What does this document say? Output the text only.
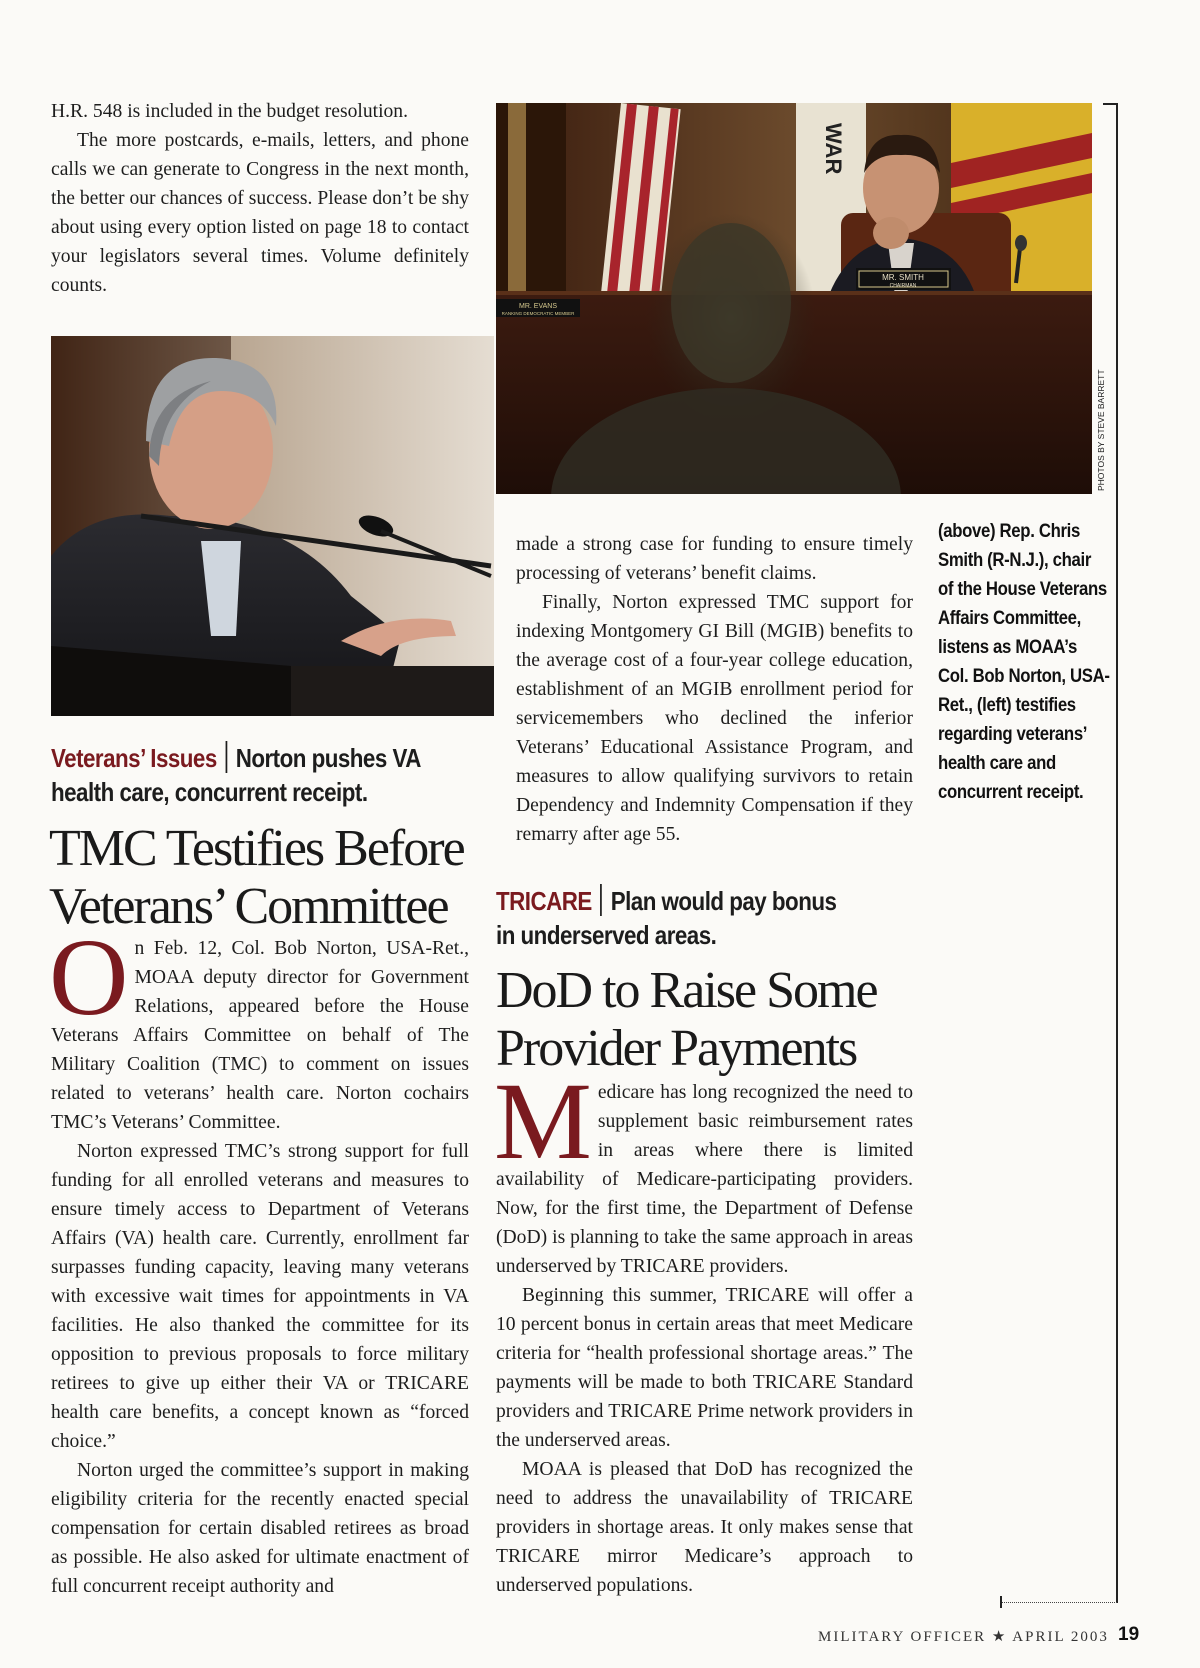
H.R. 548 is included in the budget resolution.

The more postcards, e-mails, letters, and phone calls we can generate to Congress in the next month, the better our chances of success. Please don’t be shy about using every option listed on page 18 to contact your legislators several times. Volume definitely counts.

WAR
MR. SMITH
CHAIRMAN
MR. EVANS
RANKING DEMOCRATIC MEMBER
PHOTOS BY STEVE BARRETT
Veterans’ Issues Norton pushes VA
health care, concurrent receipt.
TMC Testifies Before
Veterans’ Committee

On Feb. 12, Col. Bob Norton, USA-Ret., MOAA deputy director for Government Relations, appeared before the House Veterans Affairs Committee on behalf of The Military Coalition (TMC) to comment on issues related to veterans’ health care. Norton cochairs TMC’s Veterans’ Committee.

Norton expressed TMC’s strong support for full funding for all enrolled veterans and measures to ensure timely access to Department of Veterans Affairs (VA) health care. Currently, enrollment far surpasses funding capacity, leaving many veterans with excessive wait times for appointments in VA facilities. He also thanked the committee for its opposition to previous proposals to force military retirees to give up either their VA or TRICARE health care benefits, a concept known as “forced choice.”

Norton urged the committee’s support in making eligibility criteria for the recently enacted special compensation for certain disabled retirees as broad as possible. He also asked for ultimate enactment of full concurrent receipt authority and

made a strong case for funding to ensure timely processing of veterans’ benefit claims.

Finally, Norton expressed TMC support for indexing Montgomery GI Bill (MGIB) benefits to the average cost of a four-year college education, establishment of an MGIB enrollment period for servicemembers who declined the inferior Veterans’ Educational Assistance Program, and measures to allow qualifying survivors to retain Dependency and Indemnity Compensation if they remarry after age 55.

(above) Rep. Chris Smith (R-N.J.), chair of the House Veterans Affairs Committee, listens as MOAA’s Col. Bob Norton, USA-Ret., (left) testifies regarding veterans’ health care and concurrent receipt.
TRICARE Plan would pay bonus
in underserved areas.
DoD to Raise Some
Provider Payments

Medicare has long recognized the need to supplement basic reimbursement rates in areas where there is limited availability of Medicare-participating providers. Now, for the first time, the Department of Defense (DoD) is planning to take the same approach in areas underserved by TRICARE providers.

Beginning this summer, TRICARE will offer a 10 percent bonus in certain areas that meet Medicare criteria for “health professional shortage areas.” The payments will be made to both TRICARE Standard providers and TRICARE Prime network providers in the underserved areas.

MOAA is pleased that DoD has recognized the need to address the unavailability of TRICARE providers in shortage areas. It only makes sense that TRICARE mirror Medicare’s approach to underserved populations.

MILITARY OFFICER ★ APRIL 2003 19
